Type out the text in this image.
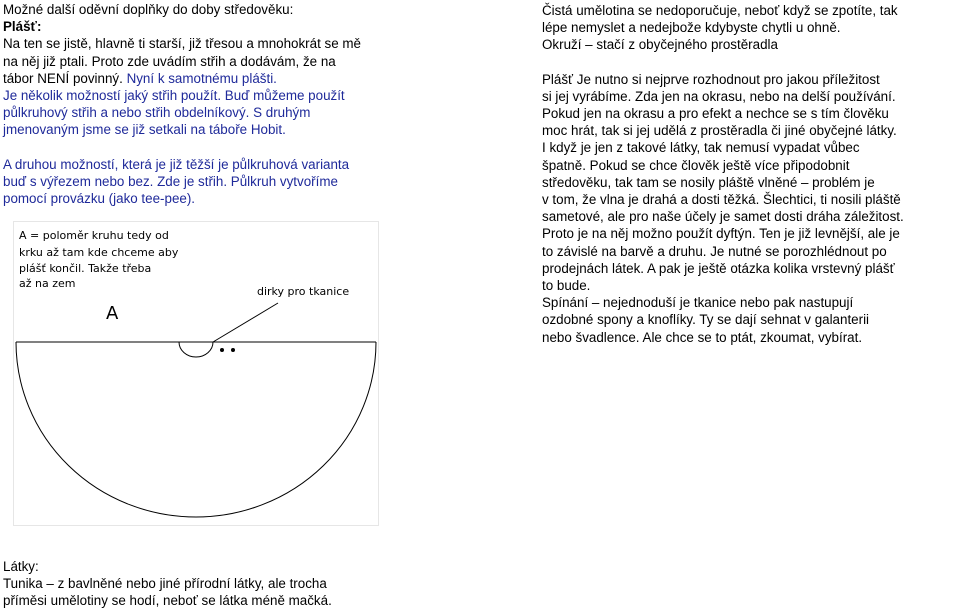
Možné další oděvní doplňky do doby středověku:

Plášť:

Na ten se jistě, hlavně ti starší, již třesou a mnohokrát se mě

na něj již ptali. Proto zde uvádím střih a dodávám, že na

tábor NENÍ povinný. Nyní k samotnému plášti.

Je několik možností jaký střih použít. Buď můžeme použít

půlkruhový střih a nebo střih obdelníkový. S druhým

jmenovaným jsme se již setkali na táboře Hobit.

A druhou možností, která je již těžší je půlkruhová varianta

buď s výřezem nebo bez. Zde je střih. Půlkruh vytvoříme

pomocí provázku (jako tee-pee).

A = poloměr kruhu tedy od
krku až tam kde chceme aby
plášť končil. Takže třeba
až na zem
dirky pro tkanice
A

Látky:

Tunika – z bavlněné nebo jiné přírodní látky, ale trocha

příměsi umělotiny se hodí, neboť se látka méně mačká.

Čistá umělotina se nedoporučuje, neboť když se zpotíte, tak

lépe nemyslet a nedejbože kdybyste chytli u ohně.

Okruží – stačí z obyčejného prostěradla

Plášť Je nutno si nejprve rozhodnout pro jakou příležitost

si jej vyrábíme. Zda jen na okrasu, nebo na delší používání.

Pokud jen na okrasu a pro efekt a nechce se s tím člověku

moc hrát, tak si jej udělá z prostěradla či jiné obyčejné látky.

I když je jen z takové látky, tak nemusí vypadat vůbec

špatně. Pokud se chce člověk ještě více připodobnit

středověku, tak tam se nosily pláště vlněné – problém je

v tom, že vlna je drahá a dosti těžká. Šlechtici, ti nosili pláště

sametové, ale pro naše účely je samet dosti dráha záležitost.

Proto je na něj možno použít dyftýn. Ten je již levnější, ale je

to závislé na barvě a druhu. Je nutné se porozhlédnout po

prodejnách látek. A pak je ještě otázka kolika vrstevný plášť

to bude.

Spínání – nejednoduší je tkanice nebo pak nastupují

ozdobné spony a knoflíky. Ty se dají sehnat v galanterii

nebo švadlence. Ale chce se to ptát, zkoumat, vybírat.
